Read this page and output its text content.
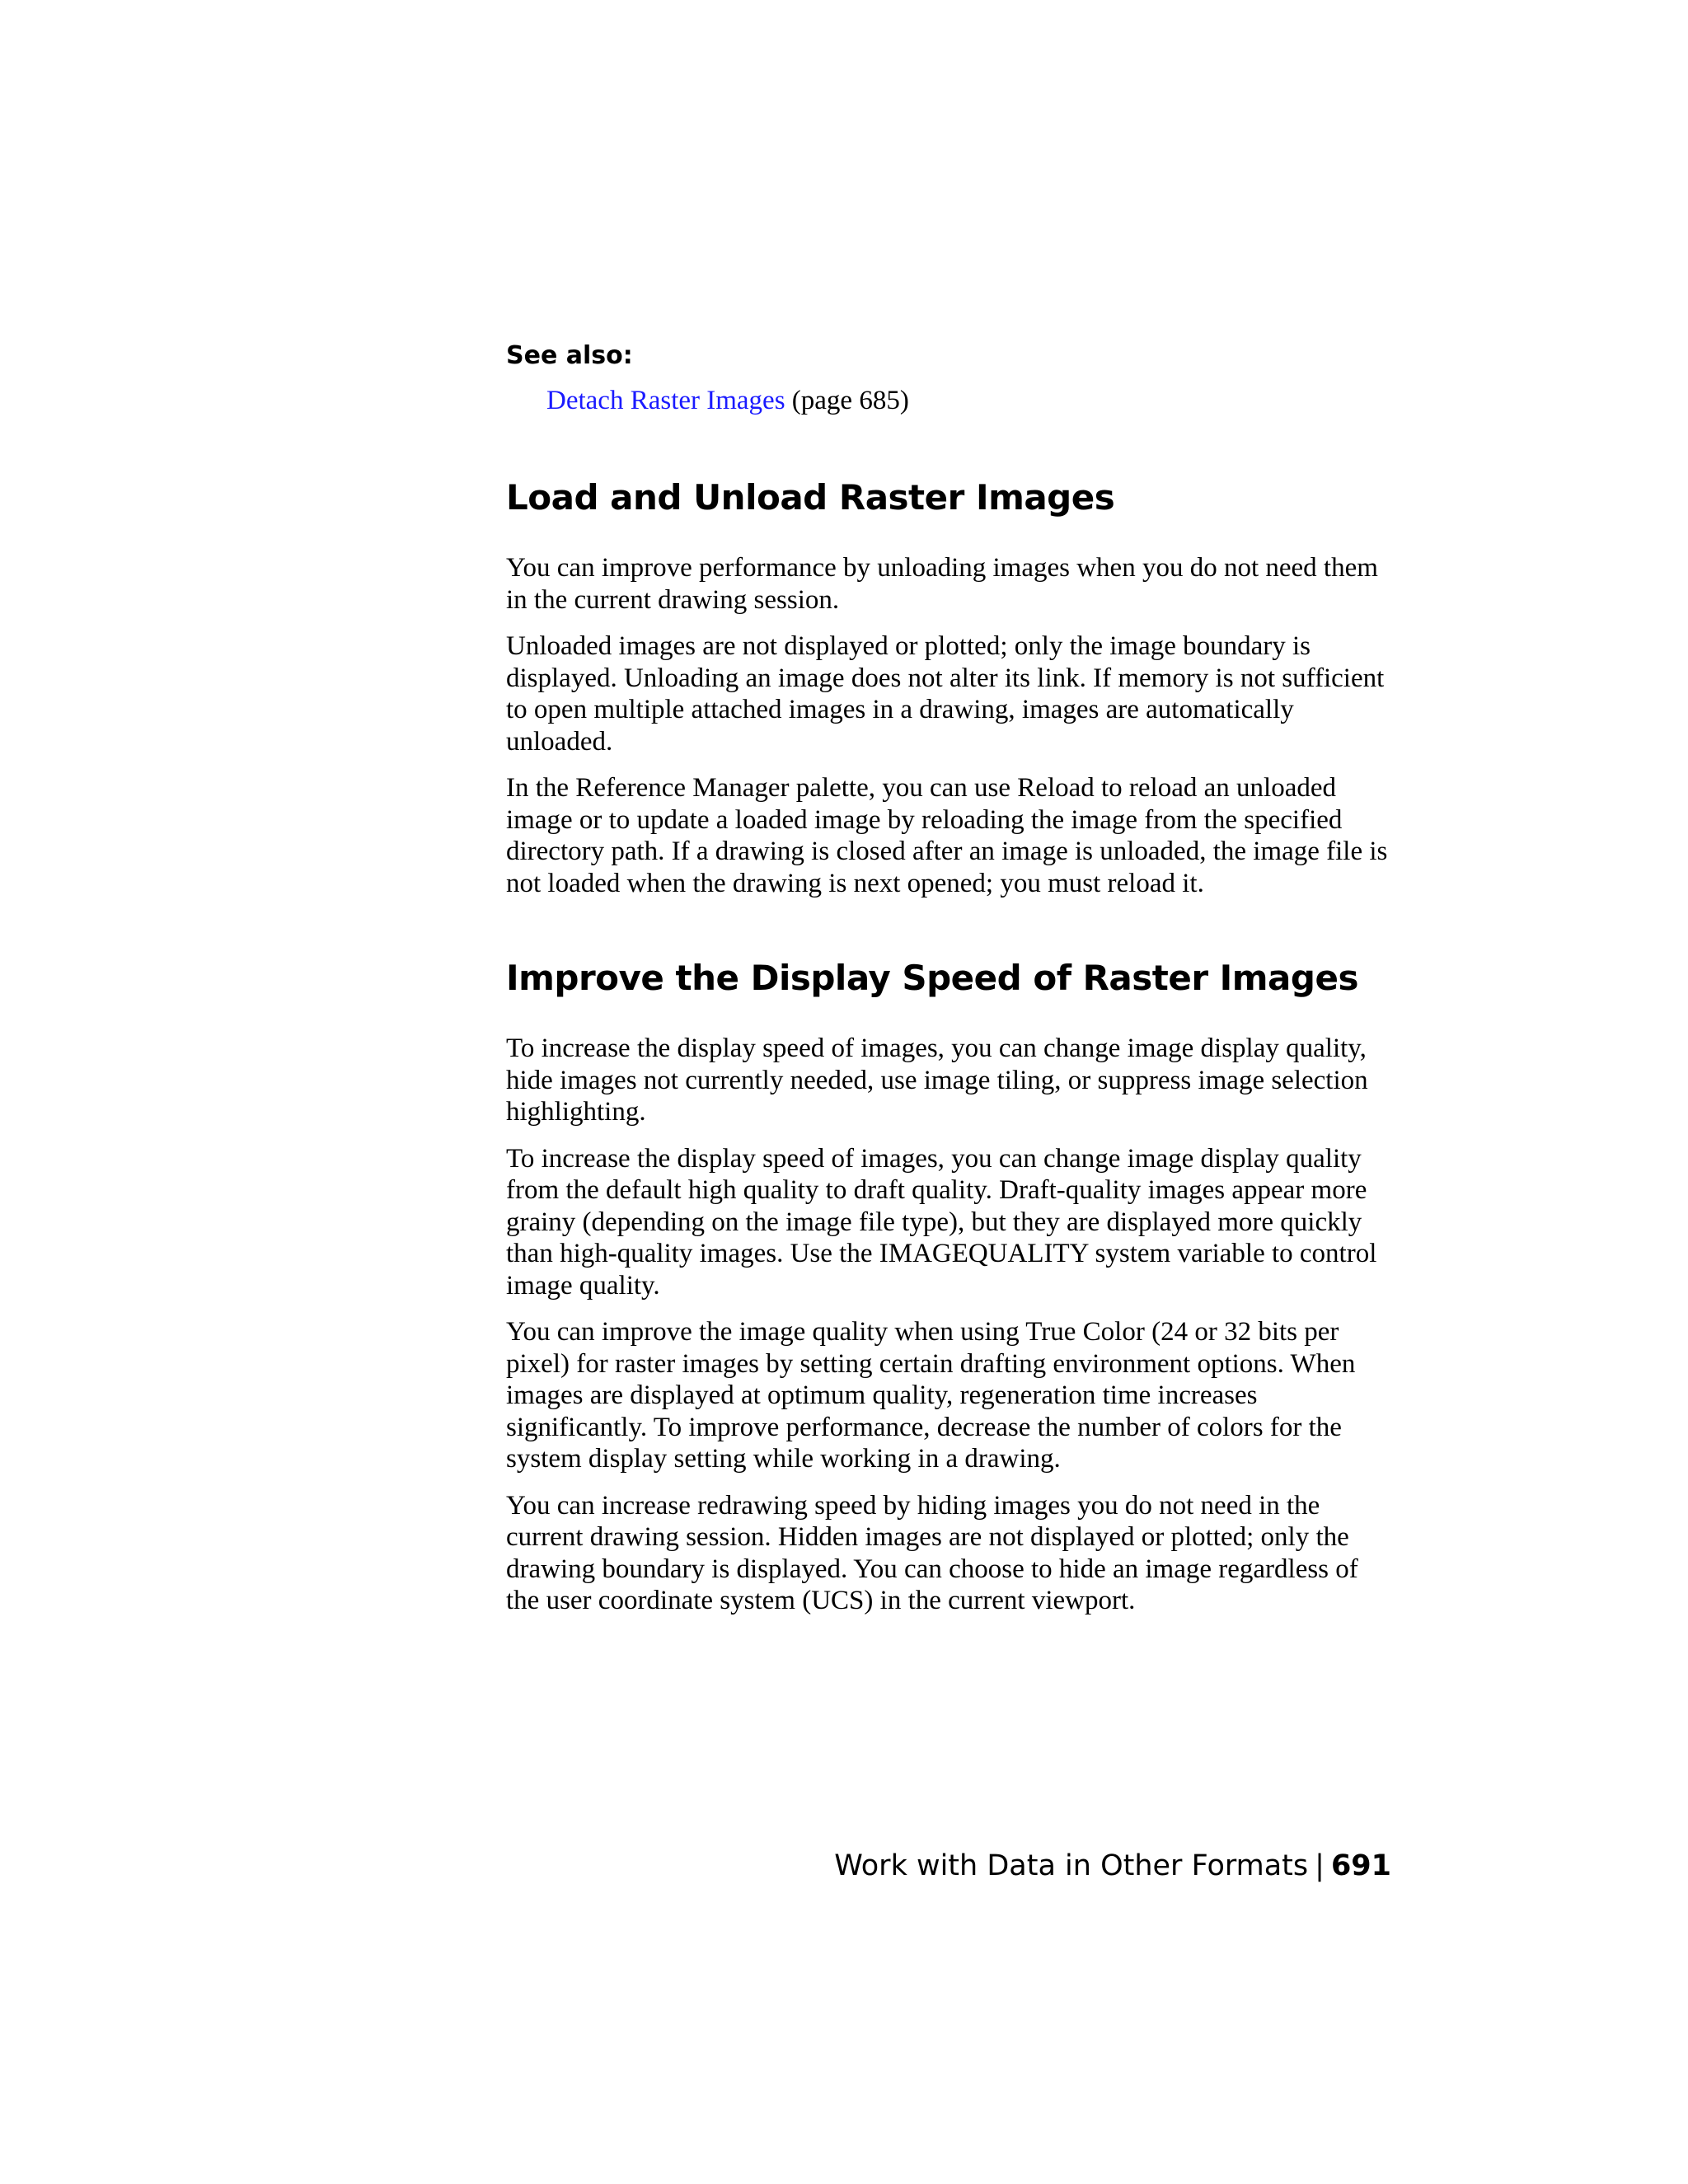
See also:

Detach Raster Images (page 685)

Load and Unload Raster Images

You can improve performance by unloading images when you do not need them in the current drawing session.

Unloaded images are not displayed or plotted; only the image boundary is displayed. Unloading an image does not alter its link. If memory is not sufficient to open multiple attached images in a drawing, images are automatically unloaded.

In the Reference Manager palette, you can use Reload to reload an unloaded image or to update a loaded image by reloading the image from the specified directory path. If a drawing is closed after an image is unloaded, the image file is not loaded when the drawing is next opened; you must reload it.

Improve the Display Speed of Raster Images

To increase the display speed of images, you can change image display quality, hide images not currently needed, use image tiling, or suppress image selection highlighting.

To increase the display speed of images, you can change image display quality from the default high quality to draft quality. Draft-quality images appear more grainy (depending on the image file type), but they are displayed more quickly than high-quality images. Use the IMAGEQUALITY system variable to control image quality.

You can improve the image quality when using True Color (24 or 32 bits per pixel) for raster images by setting certain drafting environment options. When images are displayed at optimum quality, regeneration time increases significantly. To improve performance, decrease the number of colors for the system display setting while working in a drawing.

You can increase redrawing speed by hiding images you do not need in the current drawing session. Hidden images are not displayed or plotted; only the drawing boundary is displayed. You can choose to hide an image regardless of the user coordinate system (UCS) in the current viewport.

Work with Data in Other Formats | 691
